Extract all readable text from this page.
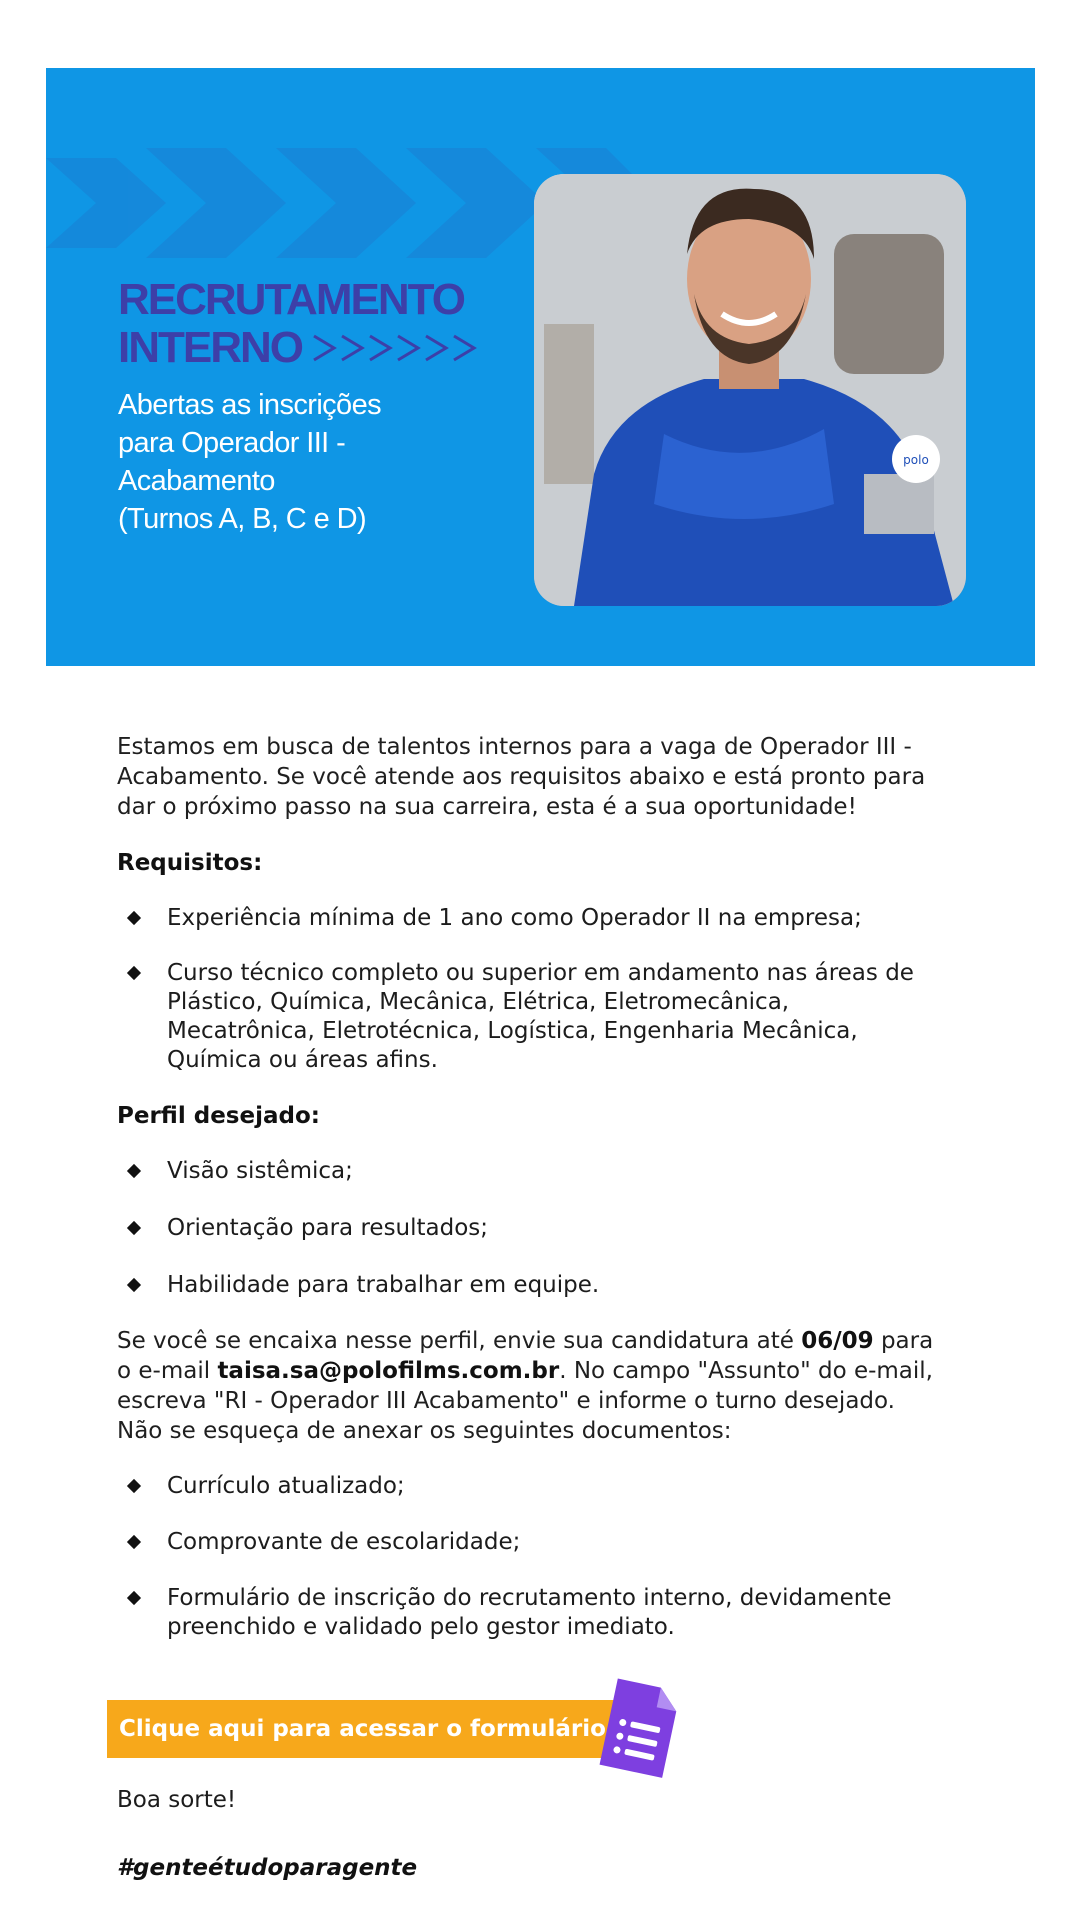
RECRUTAMENTO
INTERNO
Abertas as inscrições
para Operador III -
Acabamento
(Turnos A, B, C e D)
polo

Estamos em busca de talentos internos para a vaga de Operador III -
Acabamento. Se você atende aos requisitos abaixo e está pronto para
dar o próximo passo na sua carreira, esta é a sua oportunidade!

Requisitos:
Experiência mínima de 1 ano como Operador II na empresa;
Curso técnico completo ou superior em andamento nas áreas de
Plástico, Química, Mecânica, Elétrica, Eletromecânica,
Mecatrônica, Eletrotécnica, Logística, Engenharia Mecânica,
Química ou áreas afins.
Perfil desejado:
Visão sistêmica;
Orientação para resultados;
Habilidade para trabalhar em equipe.

Se você se encaixa nesse perfil, envie sua candidatura até 06/09 para
o e-mail taisa.sa@polofilms.com.br. No campo "Assunto" do e-mail,
escreva "RI - Operador III Acabamento" e informe o turno desejado.
Não se esqueça de anexar os seguintes documentos:

Currículo atualizado;
Comprovante de escolaridade;
Formulário de inscrição do recrutamento interno, devidamente
preenchido e validado pelo gestor imediato.
Clique aqui para acessar o formulário
Boa sorte!
#genteétudoparagente
